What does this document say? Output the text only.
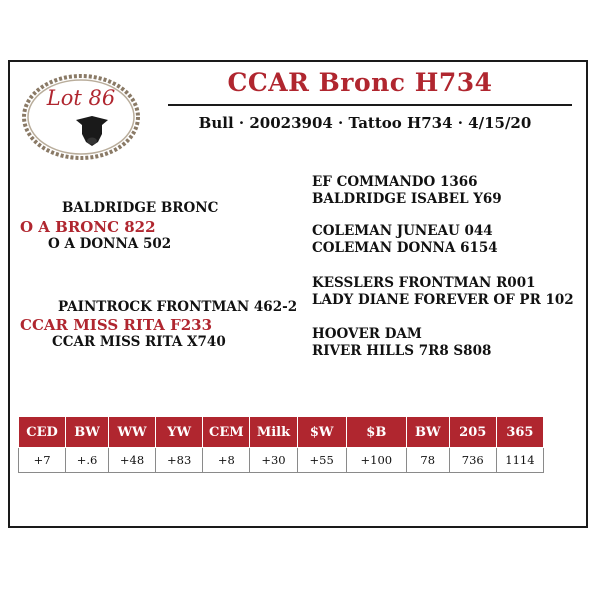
Lot 86
CCAR Bronc H734
Bull · 20023904 · Tattoo H734 · 4/15/20
BALDRIDGE BRONC
O A BRONC 822
O A DONNA 502
PAINTROCK FRONTMAN 462-2
CCAR MISS RITA F233
CCAR MISS RITA X740
EF COMMANDO 1366
BALDRIDGE ISABEL Y69
COLEMAN JUNEAU 044
COLEMAN DONNA 6154
KESSLERS FRONTMAN R001
LADY DIANE FOREVER OF PR 102
HOOVER DAM
RIVER HILLS 7R8 S808
CED	BW	WW	YW	CEM	Milk	$W	$B	BW	205	365
+7	+.6	+48	+83	+8	+30	+55	+100	78	736	1114
